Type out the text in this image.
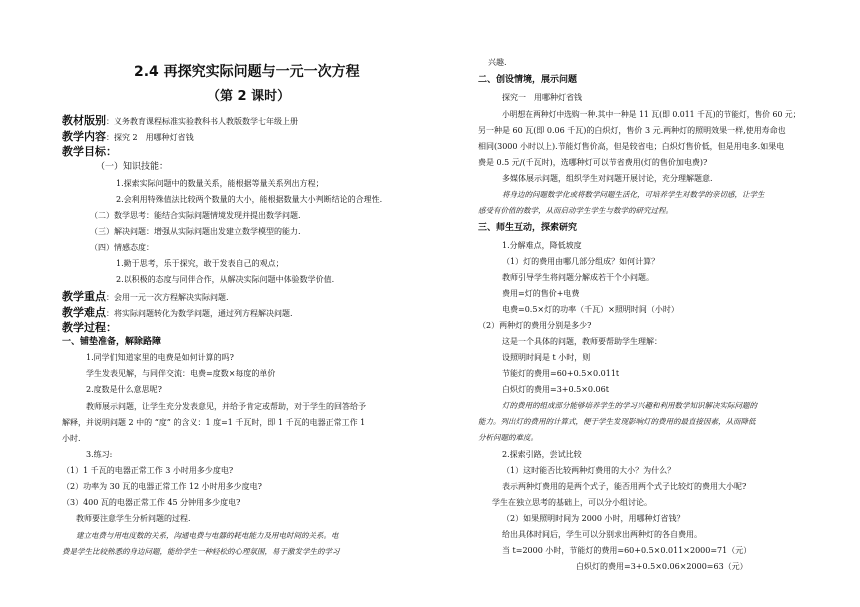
2.4 再探究实际问题与一元一次方程
（第 2 课时）
教材版别：义务教育课程标准实验教科书人教版数学七年级上册
教学内容：探究 2　用哪种灯省钱
教学目标：
（一）知识技能：
1.探索实际问题中的数量关系，能根据等量关系列出方程；
2.会利用特殊值法比较两个数量的大小，能根据数量大小判断结论的合理性.
（二）数学思考：能结合实际问题情境发现并提出数学问题.
（三）解决问题：增强从实际问题出发建立数学模型的能力.
（四）情感态度：
1.勤于思考，乐于探究，敢于发表自己的观点；
2.以积极的态度与同伴合作，从解决实际问题中体验数学价值.
教学重点：会用一元一次方程解决实际问题.
教学难点：将实际问题转化为数学问题，通过列方程解决问题.
教学过程：
一、铺垫准备，解除路障
1.同学们知道家里的电费是如何计算的吗?
学生发表见解，与同伴交流：电费=度数×每度的单价
2.度数是什么意思呢?
教师展示问题，让学生充分发表意见，并给予肯定或帮助，对于学生的回答给予
解释，并说明问题 2 中的 “度” 的含义：1 度=1 千瓦时，即 1 千瓦的电器正常工作 1
小时.
3.练习:
（1）1 千瓦的电器正常工作 3 小时用多少度电?
（2）功率为 30 瓦的电器正常工作 12 小时用多少度电?
（3）400 瓦的电器正常工作 45 分钟用多少度电?
教师要注意学生分析问题的过程.
建立电费与用电度数的关系，沟通电费与电器的耗电能力及用电时间的关系。电
费是学生比较熟悉的身边问题，能给学生一种轻松的心理氛围，易于激发学生的学习
兴趣.
二、创设情境，展示问题
探究一　用哪种灯省钱
小明想在两种灯中选购一种.其中一种是 11 瓦(即 0.011 千瓦)的节能灯，售价 60 元；
另一种是 60 瓦(即 0.06 千瓦)的白炽灯，售价 3 元.两种灯的照明效果一样,使用寿命也
相同(3000 小时以上).节能灯售价高，但是较省电；白炽灯售价低，但是用电多.如果电
费是 0.5 元/(千瓦时)，选哪种灯可以节省费用(灯的售价加电费)?
多媒体展示问题，组织学生对问题开展讨论，充分理解题意.
将身边的问题数学化或将数学问题生活化，可培养学生对数学的亲切感，让学生
感受有价值的数学，从而启动学生学生与数学的研究过程。
三、师生互动，探索研究
1.分解难点，降低坡度
（1）灯的费用由哪几部分组成？如何计算？
教师引导学生将问题分解成若干个小问题。
费用=灯的售价+电费
电费=0.5×灯的功率（千瓦）×照明时间（小时）
（2）两种灯的费用分别是多少?
这是一个具体的问题，教师要帮助学生理解：
设照明时间是 t 小时，则
节能灯的费用=60+0.5×0.011t
白炽灯的费用=3+0.5×0.06t
灯的费用的组成部分能够培养学生的学习兴趣和利用数学知识解决实际问题的
能力。列出灯的费用的计算式，便于学生发现影响灯的费用的最直接因素，从而降低
分析问题的难度。
2.探索引路，尝试比较
（1）这时能否比较两种灯费用的大小？为什么？
表示两种灯费用的是两个式子，能否用两个式子比较灯的费用大小呢?
学生在独立思考的基础上，可以分小组讨论。
（2）如果照明时间为 2000 小时，用哪种灯省钱？
给出具体时间后，学生可以分别求出两种灯的各自费用。
当 t=2000 小时，节能灯的费用=60+0.5×0.011×2000=71（元）
白炽灯的费用=3+0.5×0.06×2000=63（元）
